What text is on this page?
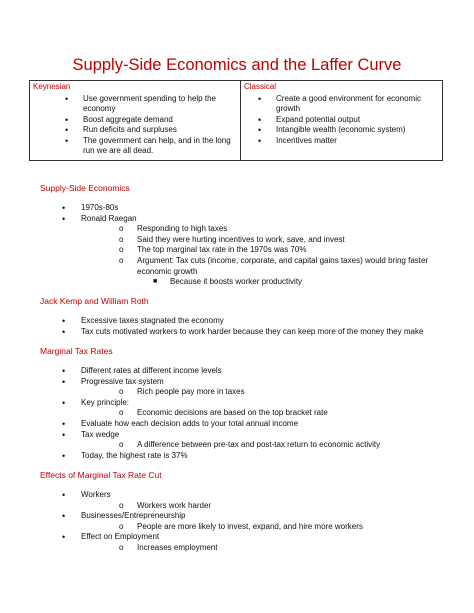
Supply-Side Economics and the Laffer Curve
Keynesian
• Use government spending to help the economy
• Boost aggregate demand
• Run deficits and surpluses
• The government can help, and in the long run we are all dead.

Classical
• Create a good environment for economic growth
• Expand potential output
• Intangible wealth (economic system)
• Incentives matter
Supply-Side Economics
• 1970s-80s
• Ronald Raegan
o Responding to high taxes
o Said they were hurting incentives to work, save, and invest
o The top marginal tax rate in the 1970s was 70%
o Argument: Tax cuts (income, corporate, and capital gains taxes) would bring faster economic growth
■ Because it boosts worker productivity
Jack Kemp and William Roth
• Excessive taxes stagnated the economy
• Tax cuts motivated workers to work harder because they can keep more of the money they make
Marginal Tax Rates
• Different rates at different income levels
• Progressive tax system
o Rich people pay more in taxes
• Key principle:
o Economic decisions are based on the top bracket rate
• Evaluate how each decision adds to your total annual income
• Tax wedge
o A difference between pre-tax and post-tax return to economic activity
• Today, the highest rate is 37%
Effects of Marginal Tax Rate Cut
• Workers
o Workers work harder
• Businesses/Entrepreneurship
o People are more likely to invest, expand, and hire more workers
• Effect on Employment
o Increases employment
